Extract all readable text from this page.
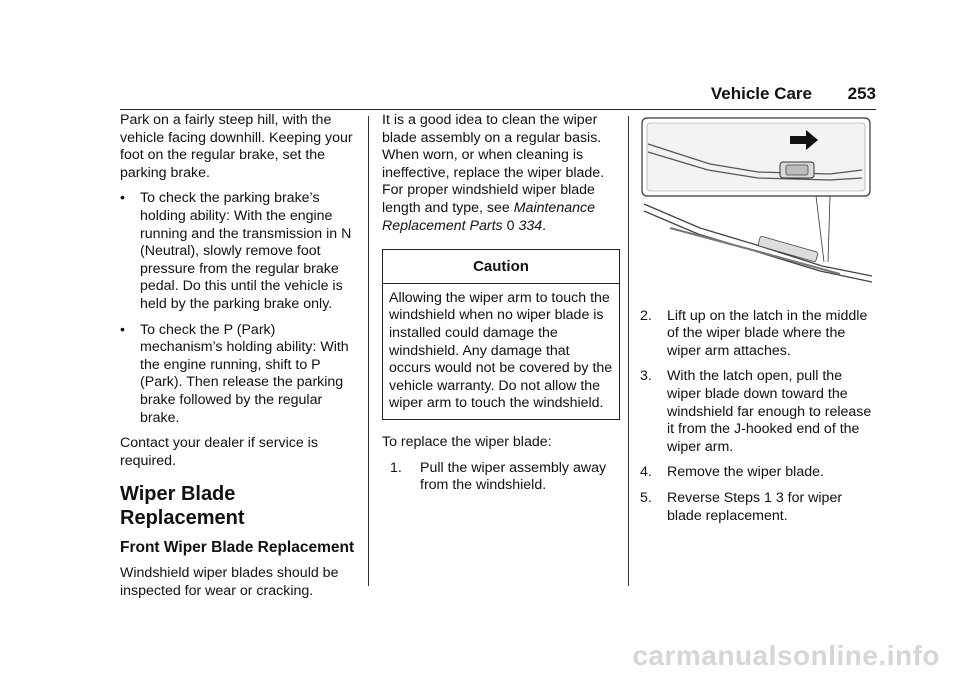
Vehicle Care 253

Park on a fairly steep hill, with the vehicle facing downhill. Keeping your foot on the regular brake, set the parking brake.

• To check the parking brake’s holding ability: With the engine running and the transmission in N (Neutral), slowly remove foot pressure from the regular brake pedal. Do this until the vehicle is held by the parking brake only.
• To check the P (Park) mechanism’s holding ability: With the engine running, shift to P (Park). Then release the parking brake followed by the regular brake.

Contact your dealer if service is required.

Wiper Blade Replacement
Front Wiper Blade Replacement

Windshield wiper blades should be inspected for wear or cracking.

It is a good idea to clean the wiper blade assembly on a regular basis. When worn, or when cleaning is ineffective, replace the wiper blade. For proper windshield wiper blade length and type, see Maintenance Replacement Parts 0 334.

Caution
Allowing the wiper arm to touch the windshield when no wiper blade is installed could damage the windshield. Any damage that occurs would not be covered by the vehicle warranty. Do not allow the wiper arm to touch the windshield.

To replace the wiper blade:

1. Pull the wiper assembly away from the windshield.
2. Lift up on the latch in the middle of the wiper blade where the wiper arm attaches.
3. With the latch open, pull the wiper blade down toward the windshield far enough to release it from the J-hooked end of the wiper arm.
4. Remove the wiper blade.
5. Reverse Steps 1 3 for wiper blade replacement.
carmanualsonline.info
